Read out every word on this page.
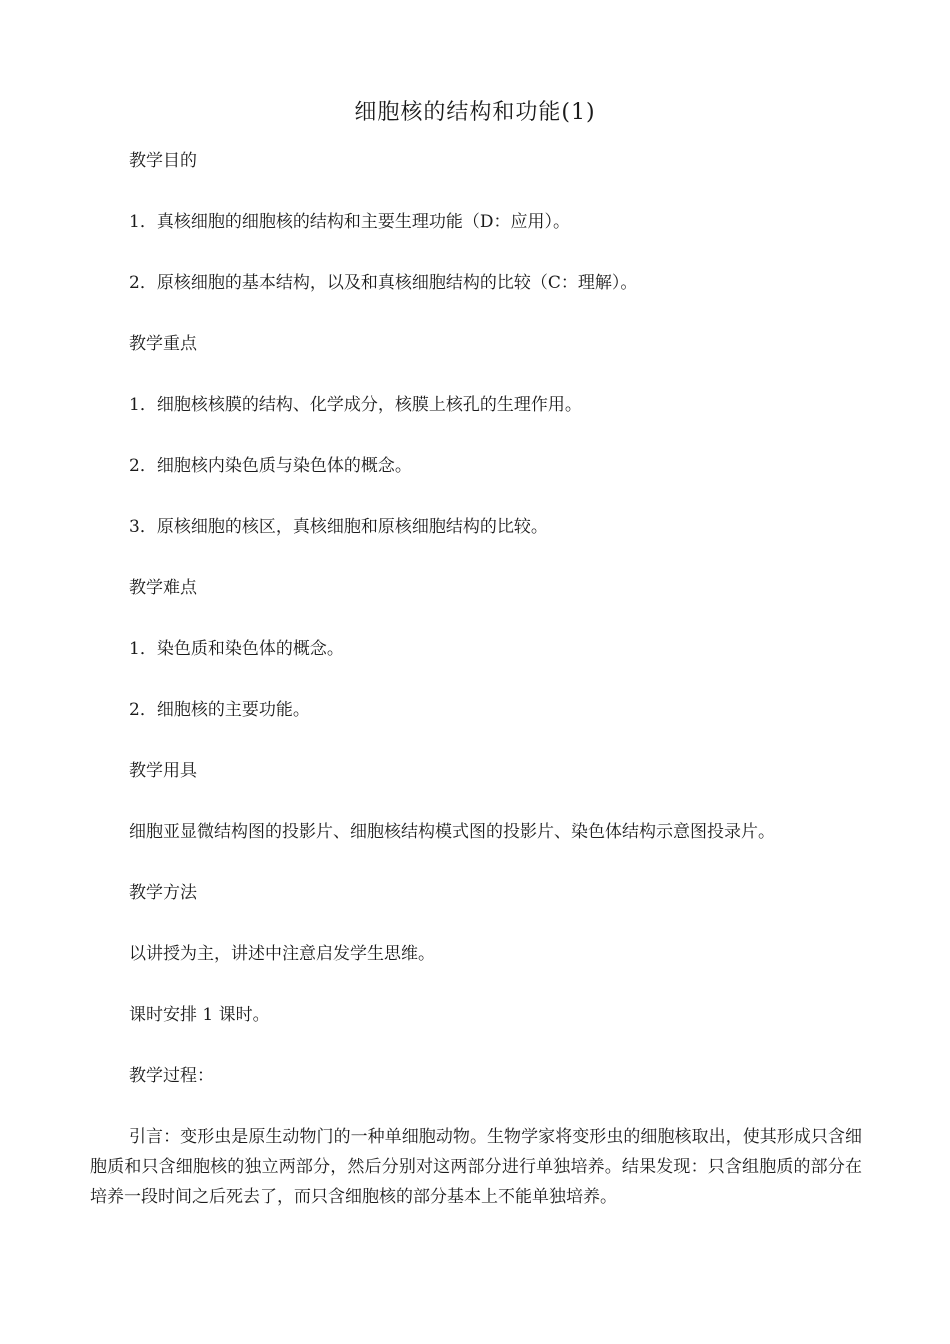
细胞核的结构和功能(1)
教学目的
1．真核细胞的细胞核的结构和主要生理功能（D：应用）。
2．原核细胞的基本结构，以及和真核细胞结构的比较（C：理解）。
教学重点
1．细胞核核膜的结构、化学成分，核膜上核孔的生理作用。
2．细胞核内染色质与染色体的概念。
3．原核细胞的核区，真核细胞和原核细胞结构的比较。
教学难点
1．染色质和染色体的概念。
2．细胞核的主要功能。
教学用具
细胞亚显微结构图的投影片、细胞核结构模式图的投影片、染色体结构示意图投录片。
教学方法
以讲授为主，讲述中注意启发学生思维。
课时安排 1 课时。
教学过程：
引言：变形虫是原生动物门的一种单细胞动物。生物学家将变形虫的细胞核取出，使其形成只含细胞质和只含细胞核的独立两部分，然后分别对这两部分进行单独培养。结果发现：只含组胞质的部分在培养一段时间之后死去了，而只含细胞核的部分基本上不能单独培养。
